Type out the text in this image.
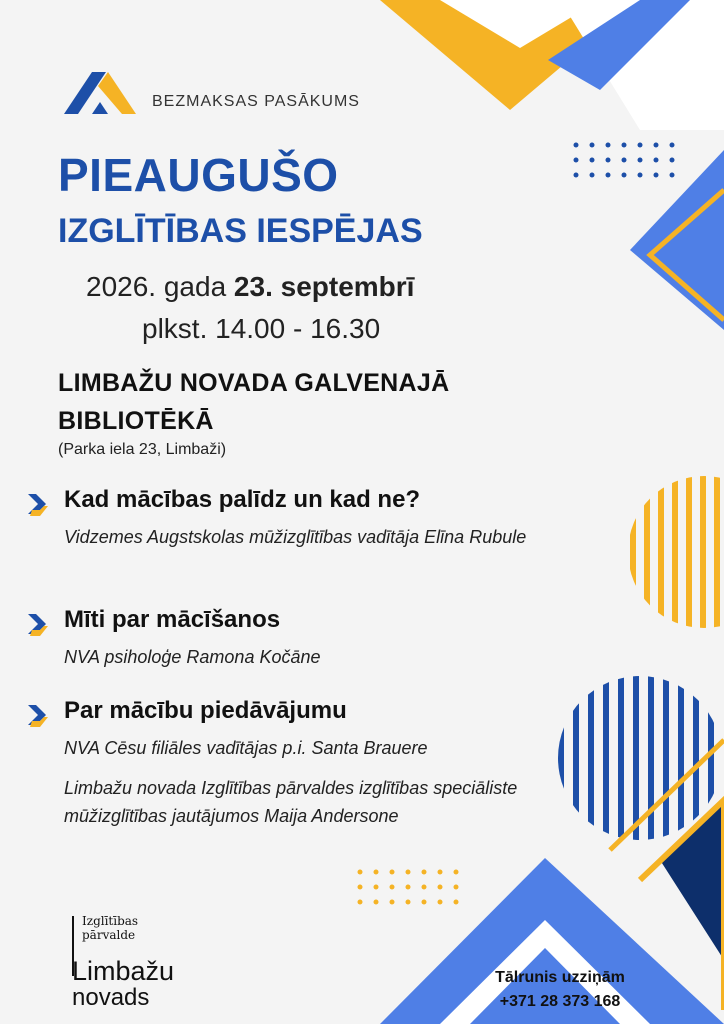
BEZMAKSAS PASĀKUMS
PIEAUGUŠO
IZGLĪTĪBAS IESPĒJAS
2026. gada 23. septembrī
plkst. 14.00 - 16.30
LIMBAŽU NOVADA GALVENAJĀ BIBLIOTĒKĀ
(Parka iela 23, Limbaži)
Kad mācības palīdz un kad ne?
Vidzemes Augstskolas mūžizglītības vadītāja Elīna Rubule
Mīti par mācīšanos
NVA psiholoģe Ramona Kočāne
Par mācību piedāvājumu
NVA Cēsu filiāles vadītājas p.i. Santa Brauere
Limbažu novada Izglītības pārvaldes izglītības speciāliste mūžizglītības jautājumos Maija Andersone
Izglītības
pārvalde
Limbažu
novads
Tālrunis uzziņām
+371 28 373 168
